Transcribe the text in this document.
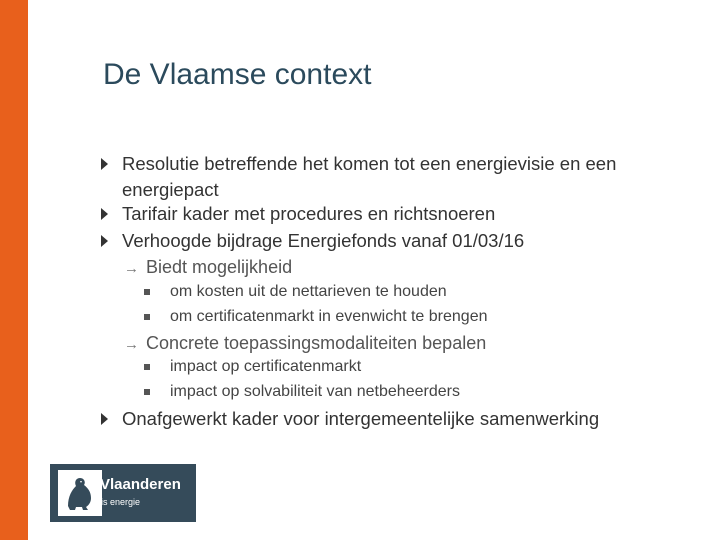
De Vlaamse context
Resolutie betreffende het komen tot een energievisie en een
energiepact
Tarifair kader met procedures en richtsnoeren
Verhoogde bijdrage Energiefonds vanaf 01/03/16
→ Biedt mogelijkheid
om kosten uit de nettarieven te houden
om certificatenmarkt in evenwicht te brengen
→ Concrete toepassingsmodaliteiten bepalen
impact op certificatenmarkt
impact op solvabiliteit van netbeheerders
Onafgewerkt kader voor intergemeentelijke samenwerking
Vlaanderen
is energie
